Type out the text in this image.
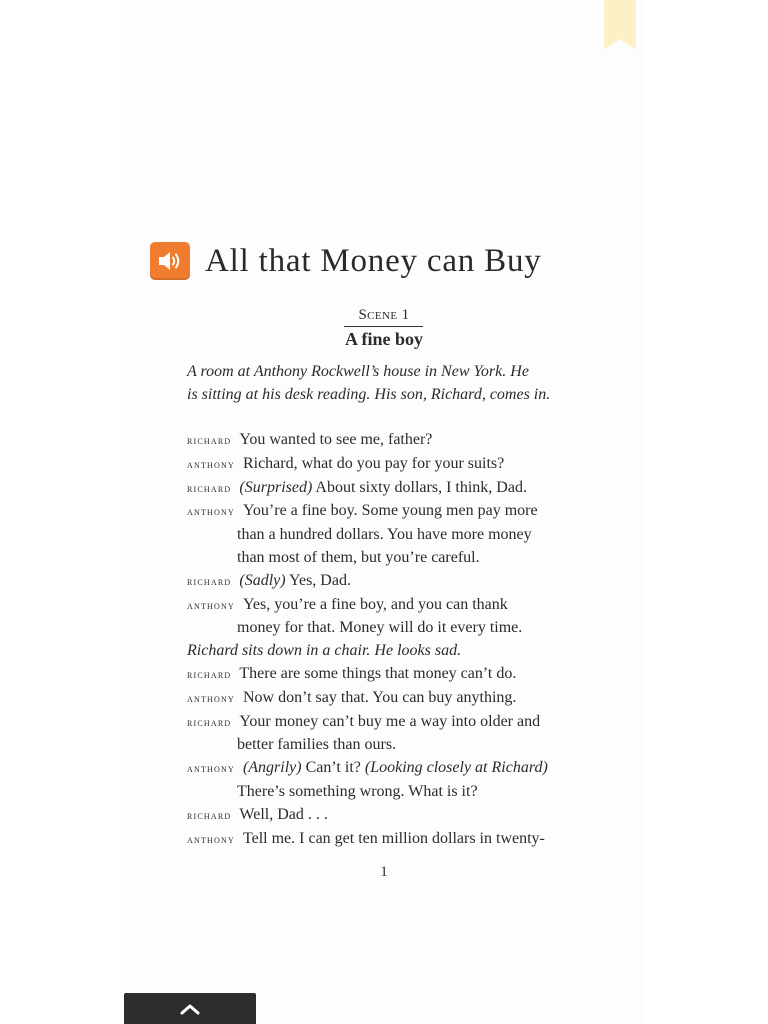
All that Money can Buy
Scene 1
A fine boy
A room at Anthony Rockwell’s house in New York. He
is sitting at his desk reading. His son, Richard, comes in.
richard You wanted to see me, father?
anthony Richard, what do you pay for your suits?
richard (Surprised) About sixty dollars, I think, Dad.
anthony You’re a fine boy. Some young men pay more
than a hundred dollars. You have more money
than most of them, but you’re careful.
richard (Sadly) Yes, Dad.
anthony Yes, you’re a fine boy, and you can thank
money for that. Money will do it every time.
Richard sits down in a chair. He looks sad.
richard There are some things that money can’t do.
anthony Now don’t say that. You can buy anything.
richard Your money can’t buy me a way into older and
better families than ours.
anthony (Angrily) Can’t it? (Looking closely at Richard)
There’s something wrong. What is it?
richard Well, Dad . . .
anthony Tell me. I can get ten million dollars in twenty-
1
